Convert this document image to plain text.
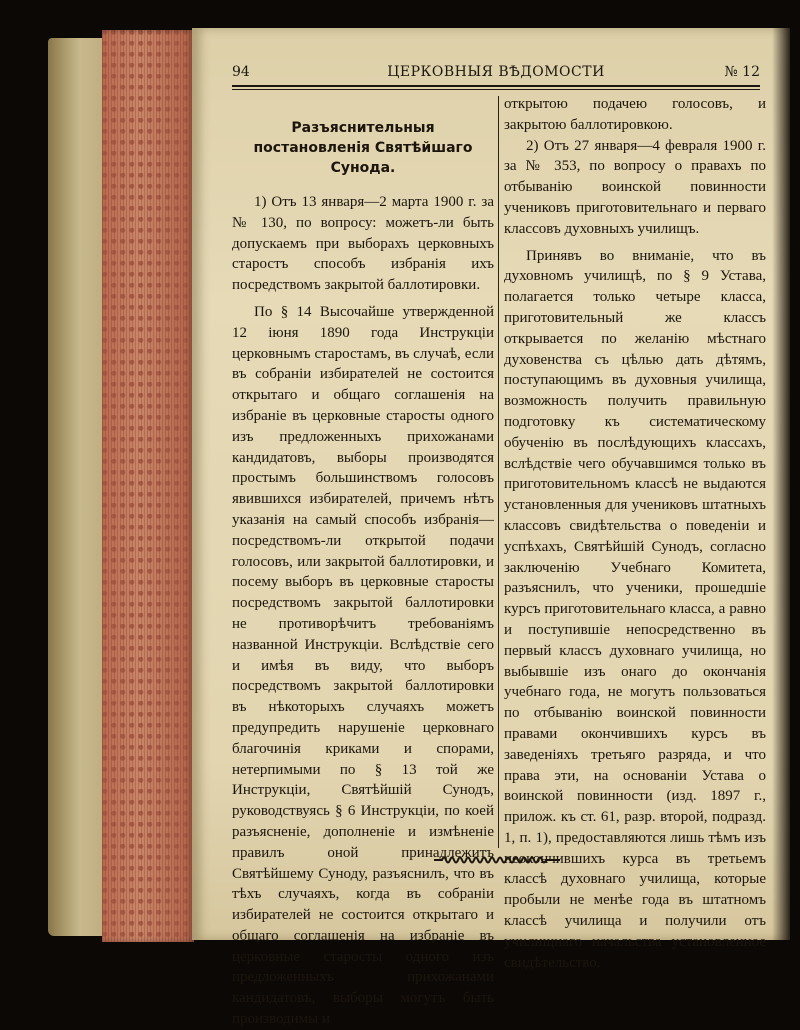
94	ЦЕРКОВНЫЯ ВѢДОМОСТИ	№ 12

Разъяснительныя постановленія Святѣйшаго Сунода.

1) Отъ 13 января—2 марта 1900 г. за № 130, по вопросу: можетъ-ли быть допускаемъ при выборахъ церковныхъ старостъ способъ избранія ихъ посредствомъ закрытой баллотировки.

По § 14 Высочайше утвержденной 12 іюня 1890 года Инструкціи церковнымъ старостамъ, въ случаѣ, если въ собраніи избирателей не состоится открытаго и общаго соглашенія на избраніе въ церковные старосты одного изъ предложенныхъ прихожанами кандидатовъ, выборы производятся простымъ большинствомъ голосовъ явившихся избирателей, причемъ нѣтъ указанія на самый способъ избранія—посредствомъ-ли открытой подачи голосовъ, или закрытой баллотировки, и посему выборъ въ церковные старосты посредствомъ закрытой баллотировки не противорѣчитъ требованіямъ названной Инструкціи. Вслѣдствіе сего и имѣя въ виду, что выборъ посредствомъ закрытой баллотировки въ нѣкоторыхъ случаяхъ можетъ предупредить нарушеніе церковнаго благочинія криками и спорами, нетерпимыми по § 13 той же Инструкціи, Святѣйшій Сунодъ, руководствуясь § 6 Инструкціи, по коей разъясненіе, дополненіе и измѣненіе правилъ оной принадлежитъ Святѣйшему Суноду, разъяснилъ, что въ тѣхъ случаяхъ, когда въ собраніи избирателей не состоится открытаго и общаго соглашенія на избраніе въ церковные старосты одного изъ предложенныхъ прихожанами кандидатовъ, выборы могутъ быть производимы и

открытою подачею голосовъ, и закрытою баллотировкою.

2) Отъ 27 января—4 февраля 1900 г. за № 353, по вопросу о правахъ по отбыванію воинской повинности учениковъ приготовительнаго и перваго классовъ духовныхъ училищъ.

Принявъ во вниманіе, что въ духовномъ училищѣ, по § 9 Устава, полагается только четыре класса, приготовительный же классъ открывается по желанію мѣстнаго духовенства съ цѣлью дать дѣтямъ, поступающимъ въ духовныя училища, возможность получить правильную подготовку къ систематическому обученію въ послѣдующихъ классахъ, вслѣдствіе чего обучавшимся только въ приготовительномъ классѣ не выдаются установленныя для учениковъ штатныхъ классовъ свидѣтельства о поведеніи и успѣхахъ, Святѣйшій Сунодъ, согласно заключенію Учебнаго Комитета, разъяснилъ, что ученики, прошедшіе курсъ приготовительнаго класса, а равно и поступившіе непосредственно въ первый классъ духовнаго училища, но выбывшіе изъ онаго до окончанія учебнаго года, не могутъ пользоваться по отбыванію воинской повинности правами окончившихъ курсъ въ заведеніяхъ третьяго разряда, и что права эти, на основаніи Устава о воинской повинности (изд. 1897 г., прилож. къ ст. 61, разр. второй, подразд. 1, п. 1), предоставляются лишь тѣмъ изъ неокончившихъ курса въ третьемъ классѣ духовнаго училища, которые пробыли не менѣе года въ штатномъ классѣ училища и получили отъ училищнаго начальства установленное свидѣтельство.
